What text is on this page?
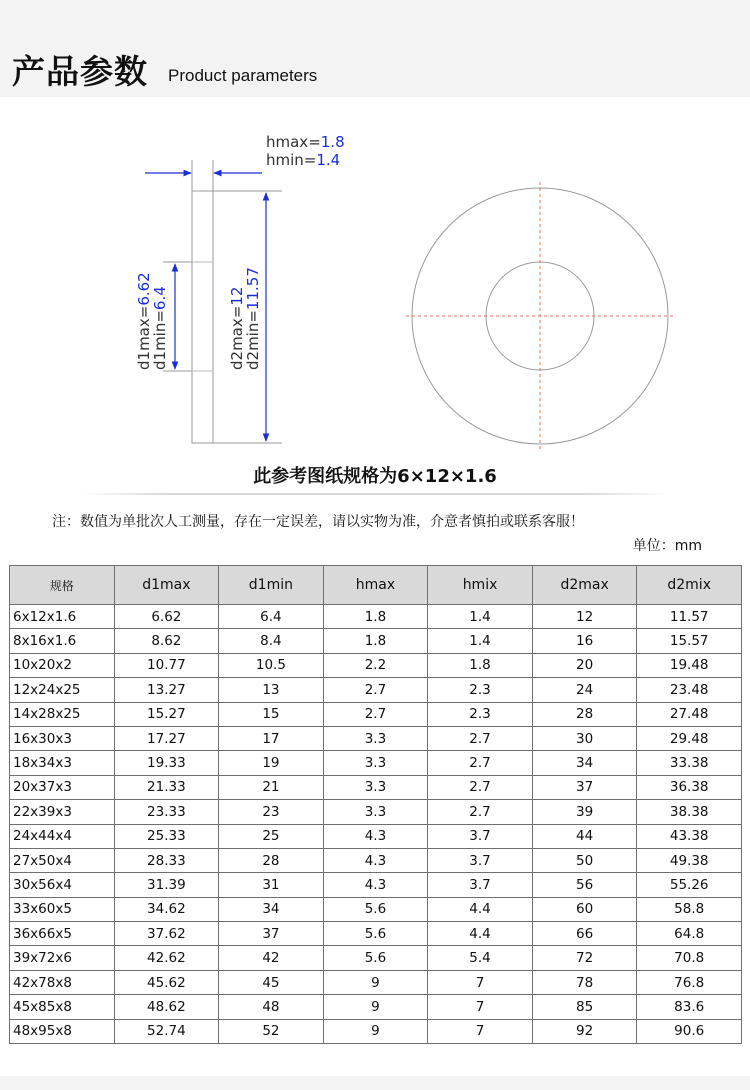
产品参数 Product parameters
hmax=1.8
hmin=1.4
d1max=6.62
d1min=6.4
d2max=12
d2min=11.57
此参考图纸规格为6×12×1.6
注：数值为单批次人工测量，存在一定误差，请以实物为准，介意者慎拍或联系客服！
单位：mm
规格	d1max	d1min	hmax	hmix	d2max	d2mix
6x12x1.6	6.62	6.4	1.8	1.4	12	11.57
8x16x1.6	8.62	8.4	1.8	1.4	16	15.57
10x20x2	10.77	10.5	2.2	1.8	20	19.48
12x24x25	13.27	13	2.7	2.3	24	23.48
14x28x25	15.27	15	2.7	2.3	28	27.48
16x30x3	17.27	17	3.3	2.7	30	29.48
18x34x3	19.33	19	3.3	2.7	34	33.38
20x37x3	21.33	21	3.3	2.7	37	36.38
22x39x3	23.33	23	3.3	2.7	39	38.38
24x44x4	25.33	25	4.3	3.7	44	43.38
27x50x4	28.33	28	4.3	3.7	50	49.38
30x56x4	31.39	31	4.3	3.7	56	55.26
33x60x5	34.62	34	5.6	4.4	60	58.8
36x66x5	37.62	37	5.6	4.4	66	64.8
39x72x6	42.62	42	5.6	5.4	72	70.8
42x78x8	45.62	45	9	7	78	76.8
45x85x8	48.62	48	9	7	85	83.6
48x95x8	52.74	52	9	7	92	90.6
